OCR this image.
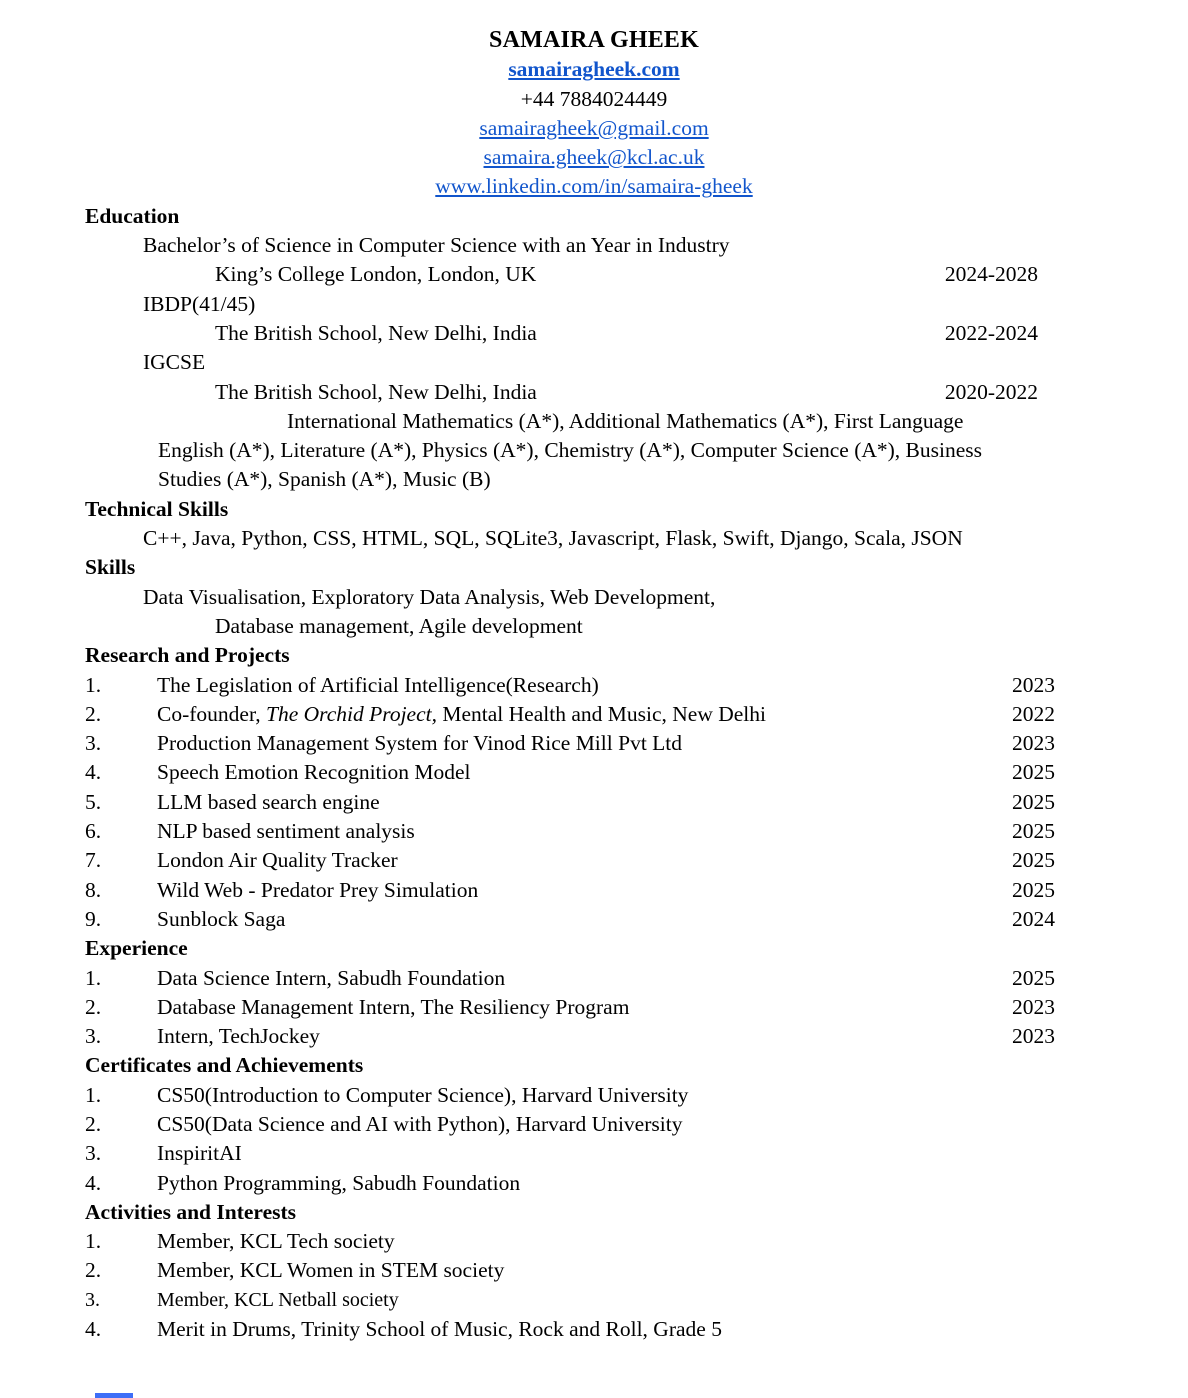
SAMAIRA GHEEK
samairagheek.com
+44 7884024449
samairagheek@gmail.com
samaira.gheek@kcl.ac.uk
www.linkedin.com/in/samaira-gheek
Education
Bachelor’s of Science in Computer Science with an Year in Industry
King’s College London, London, UK	2024-2028
IBDP(41/45)
The British School, New Delhi, India	2022-2024
IGCSE
The British School, New Delhi, India	2020-2022
International Mathematics (A*), Additional Mathematics (A*), First Language
English (A*), Literature (A*), Physics (A*), Chemistry (A*), Computer Science (A*), Business
Studies (A*), Spanish (A*), Music (B)
Technical Skills
C++, Java, Python, CSS, HTML, SQL, SQLite3, Javascript, Flask, Swift, Django, Scala, JSON
Skills
Data Visualisation, Exploratory Data Analysis, Web Development,
Database management, Agile development
Research and Projects
1.	The Legislation of Artificial Intelligence(Research)	2023
2.	Co-founder, The Orchid Project, Mental Health and Music, New Delhi	2022
3.	Production Management System for Vinod Rice Mill Pvt Ltd	2023
4.	Speech Emotion Recognition Model	2025
5.	LLM based search engine	2025
6.	NLP based sentiment analysis	2025
7.	London Air Quality Tracker	2025
8.	Wild Web - Predator Prey Simulation	2025
9.	Sunblock Saga	2024
Experience
1.	Data Science Intern, Sabudh Foundation	2025
2.	Database Management Intern, The Resiliency Program	2023
3.	Intern, TechJockey	2023
Certificates and Achievements
1.	CS50(Introduction to Computer Science), Harvard University
2.	CS50(Data Science and AI with Python), Harvard University
3.	InspiritAI
4.	Python Programming, Sabudh Foundation
Activities and Interests
1.	Member, KCL Tech society
2.	Member, KCL Women in STEM society
3.	Member, KCL Netball society
4.	Merit in Drums, Trinity School of Music, Rock and Roll, Grade 5
